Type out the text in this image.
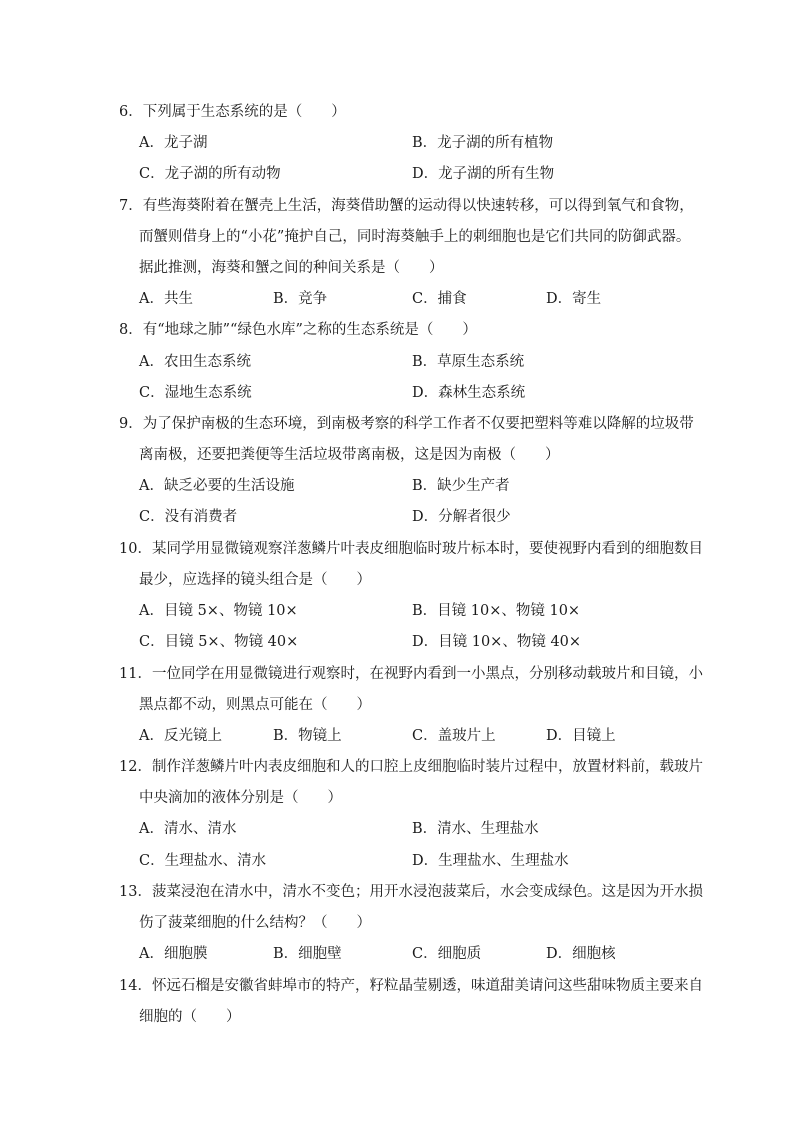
6．下列属于生态系统的是（　　）
A．龙子湖	B．龙子湖的所有植物
C．龙子湖的所有动物	D．龙子湖的所有生物
7．有些海葵附着在蟹壳上生活，海葵借助蟹的运动得以快速转移，可以得到氧气和食物，
而蟹则借身上的“小花”掩护自己，同时海葵触手上的刺细胞也是它们共同的防御武器。
据此推测，海葵和蟹之间的种间关系是（　　）
A．共生	B．竞争	C．捕食	D．寄生
8．有“地球之肺”“绿色水库”之称的生态系统是（　　）
A．农田生态系统	B．草原生态系统
C．湿地生态系统	D．森林生态系统
9．为了保护南极的生态环境，到南极考察的科学工作者不仅要把塑料等难以降解的垃圾带
离南极，还要把粪便等生活垃圾带离南极，这是因为南极（　　）
A．缺乏必要的生活设施	B．缺少生产者
C．没有消费者	D．分解者很少
10．某同学用显微镜观察洋葱鳞片叶表皮细胞临时玻片标本时，要使视野内看到的细胞数目
最少，应选择的镜头组合是（　　）
A．目镜 5×、物镜 10×	B．目镜 10×、物镜 10×
C．目镜 5×、物镜 40×	D．目镜 10×、物镜 40×
11．一位同学在用显微镜进行观察时，在视野内看到一小黑点，分别移动载玻片和目镜，小
黑点都不动，则黑点可能在（　　）
A．反光镜上	B．物镜上	C．盖玻片上	D．目镜上
12．制作洋葱鳞片叶内表皮细胞和人的口腔上皮细胞临时装片过程中，放置材料前，载玻片
中央滴加的液体分别是（　　）
A．清水、清水	B．清水、生理盐水
C．生理盐水、清水	D．生理盐水、生理盐水
13．菠菜浸泡在清水中，清水不变色；用开水浸泡菠菜后，水会变成绿色。这是因为开水损
伤了菠菜细胞的什么结构？（　　）
A．细胞膜	B．细胞壁	C．细胞质	D．细胞核
14．怀远石榴是安徽省蚌埠市的特产，籽粒晶莹剔透，味道甜美请问这些甜味物质主要来自
细胞的（　　）
